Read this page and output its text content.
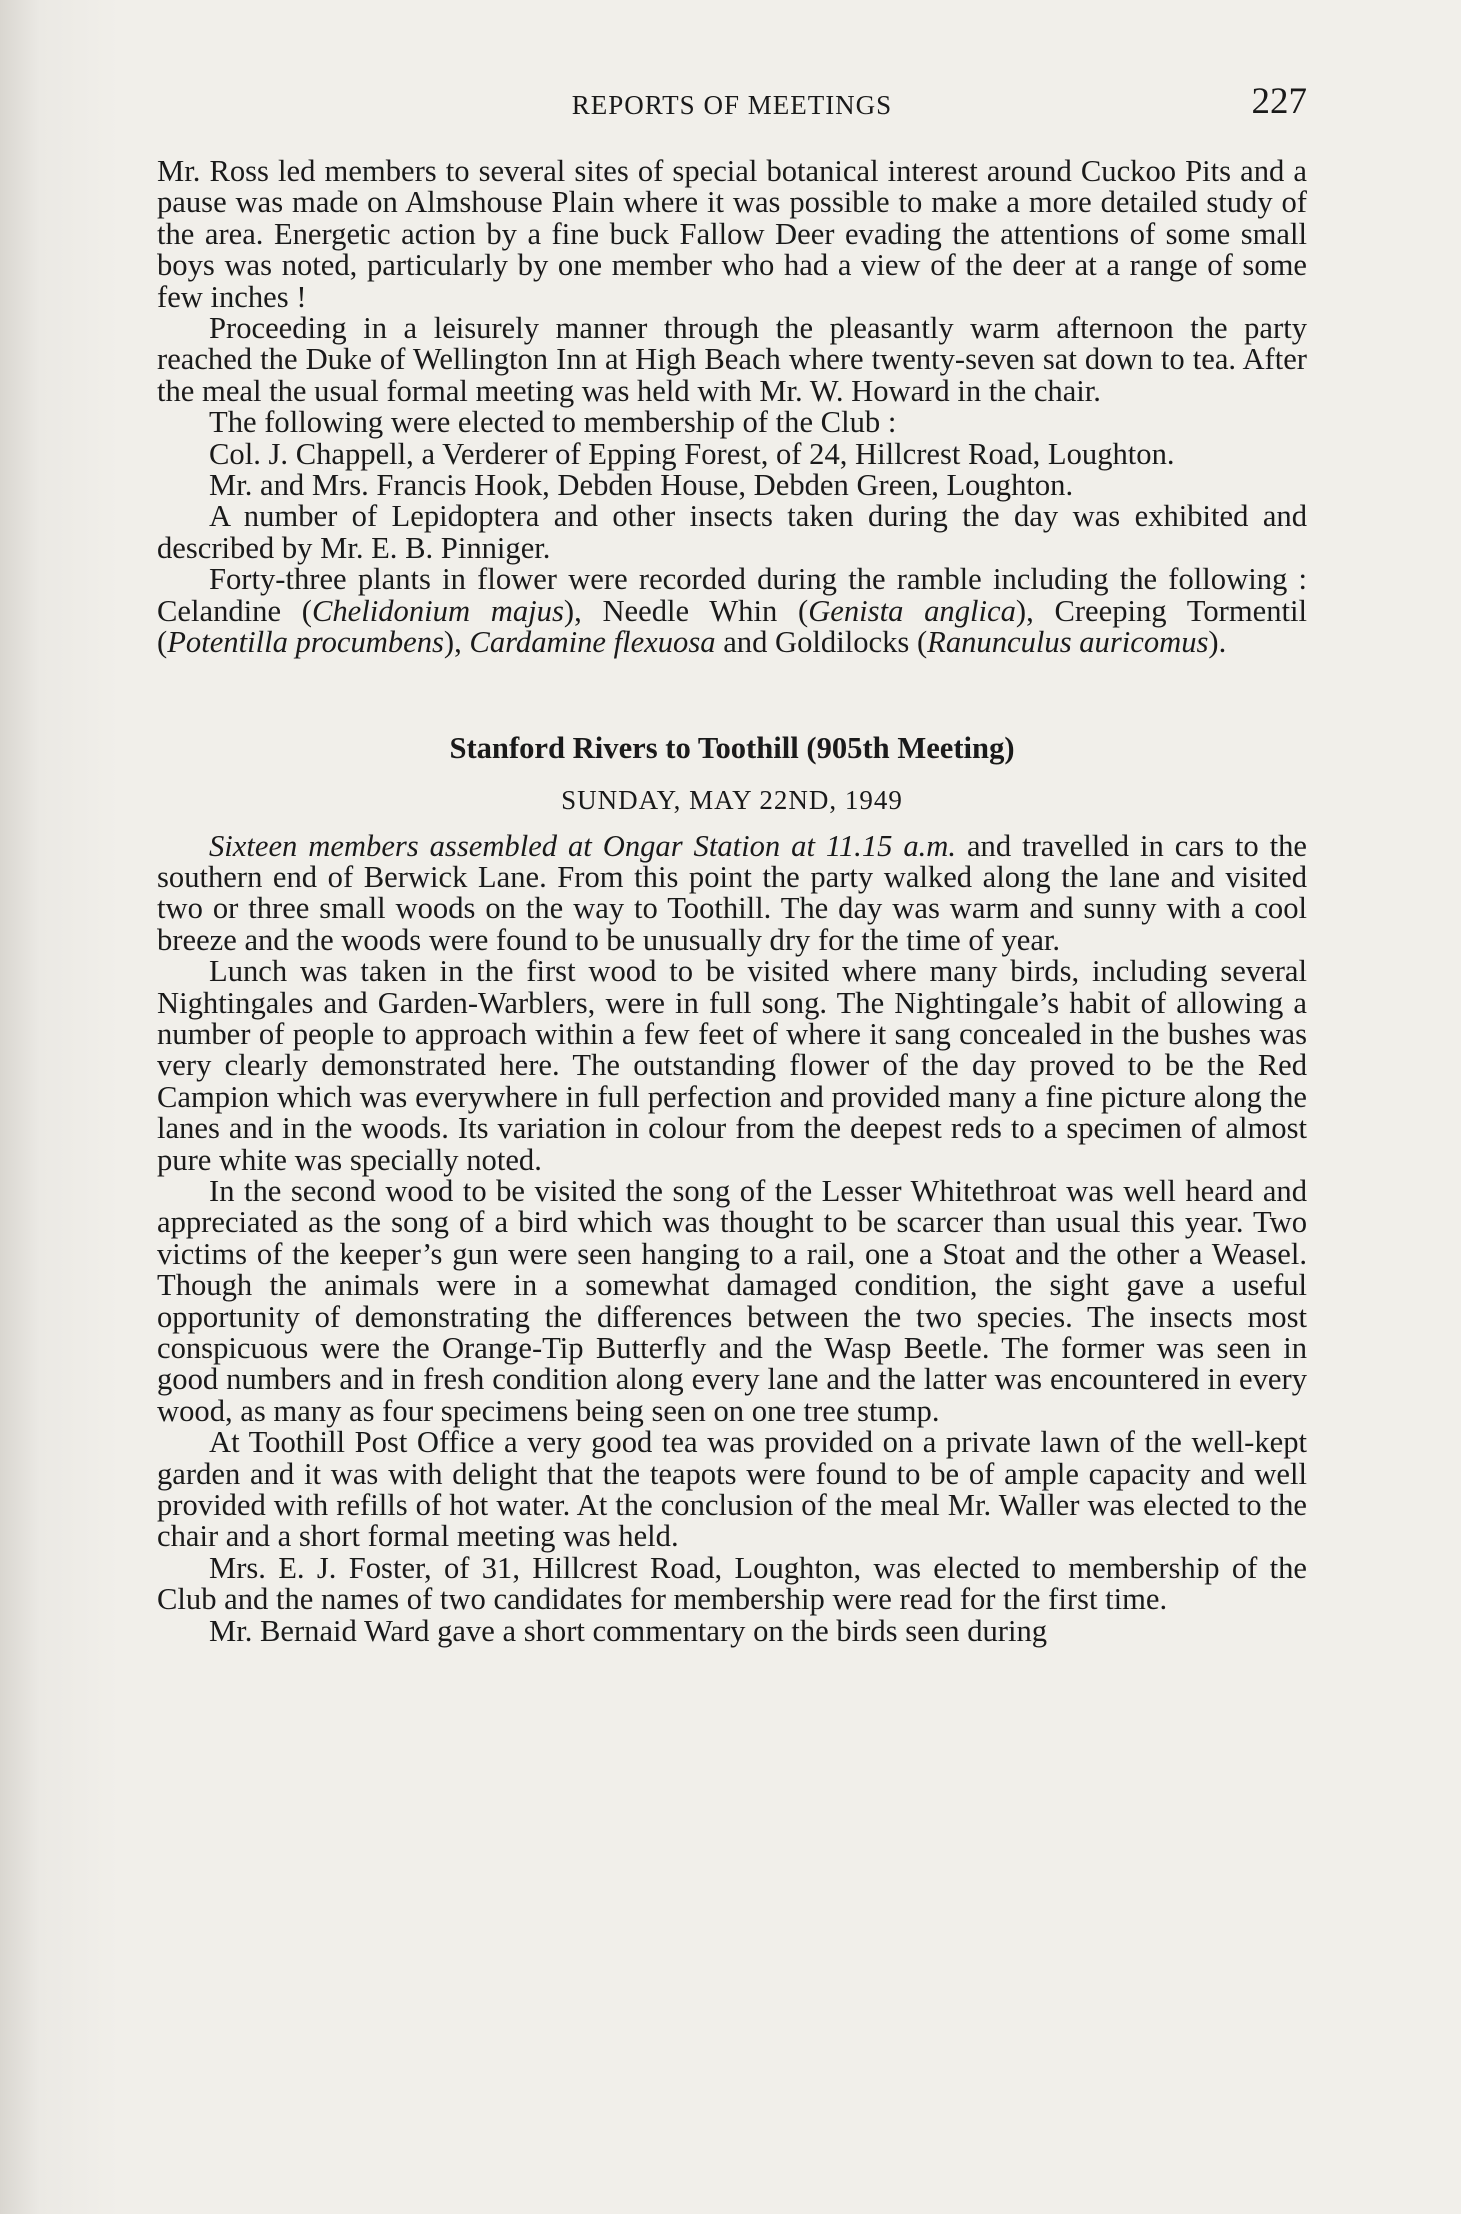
REPORTS OF MEETINGS	227

Mr. Ross led members to several sites of special botanical interest around Cuckoo Pits and a pause was made on Almshouse Plain where it was possible to make a more detailed study of the area. Energetic action by a fine buck Fallow Deer evading the attentions of some small boys was noted, particularly by one member who had a view of the deer at a range of some few inches !

Proceeding in a leisurely manner through the pleasantly warm afternoon the party reached the Duke of Wellington Inn at High Beach where twenty-seven sat down to tea. After the meal the usual formal meeting was held with Mr. W. Howard in the chair.

The following were elected to membership of the Club :

Col. J. Chappell, a Verderer of Epping Forest, of 24, Hillcrest Road, Loughton.

Mr. and Mrs. Francis Hook, Debden House, Debden Green, Loughton.

A number of Lepidoptera and other insects taken during the day was exhibited and described by Mr. E. B. Pinniger.

Forty-three plants in flower were recorded during the ramble including the following : Celandine (Chelidonium majus), Needle Whin (Genista anglica), Creeping Tormentil (Potentilla procumbens), Cardamine flexuosa and Goldilocks (Ranunculus auricomus).

Stanford Rivers to Toothill (905th Meeting)
SUNDAY, MAY 22ND, 1949

Sixteen members assembled at Ongar Station at 11.15 a.m. and travelled in cars to the southern end of Berwick Lane. From this point the party walked along the lane and visited two or three small woods on the way to Toothill. The day was warm and sunny with a cool breeze and the woods were found to be unusually dry for the time of year.

Lunch was taken in the first wood to be visited where many birds, including several Nightingales and Garden-Warblers, were in full song. The Nightingale’s habit of allowing a number of people to approach within a few feet of where it sang concealed in the bushes was very clearly demonstrated here. The outstanding flower of the day proved to be the Red Campion which was everywhere in full perfection and provided many a fine picture along the lanes and in the woods. Its variation in colour from the deepest reds to a specimen of almost pure white was specially noted.

In the second wood to be visited the song of the Lesser Whitethroat was well heard and appreciated as the song of a bird which was thought to be scarcer than usual this year. Two victims of the keeper’s gun were seen hanging to a rail, one a Stoat and the other a Weasel. Though the animals were in a somewhat damaged condition, the sight gave a useful opportunity of demonstrating the differences between the two species. The insects most conspicuous were the Orange-Tip Butterfly and the Wasp Beetle. The former was seen in good numbers and in fresh condition along every lane and the latter was encountered in every wood, as many as four specimens being seen on one tree stump.

At Toothill Post Office a very good tea was provided on a private lawn of the well-kept garden and it was with delight that the teapots were found to be of ample capacity and well provided with refills of hot water. At the conclusion of the meal Mr. Waller was elected to the chair and a short formal meeting was held.

Mrs. E. J. Foster, of 31, Hillcrest Road, Loughton, was elected to membership of the Club and the names of two candidates for membership were read for the first time.

Mr. Bernaid Ward gave a short commentary on the birds seen during
